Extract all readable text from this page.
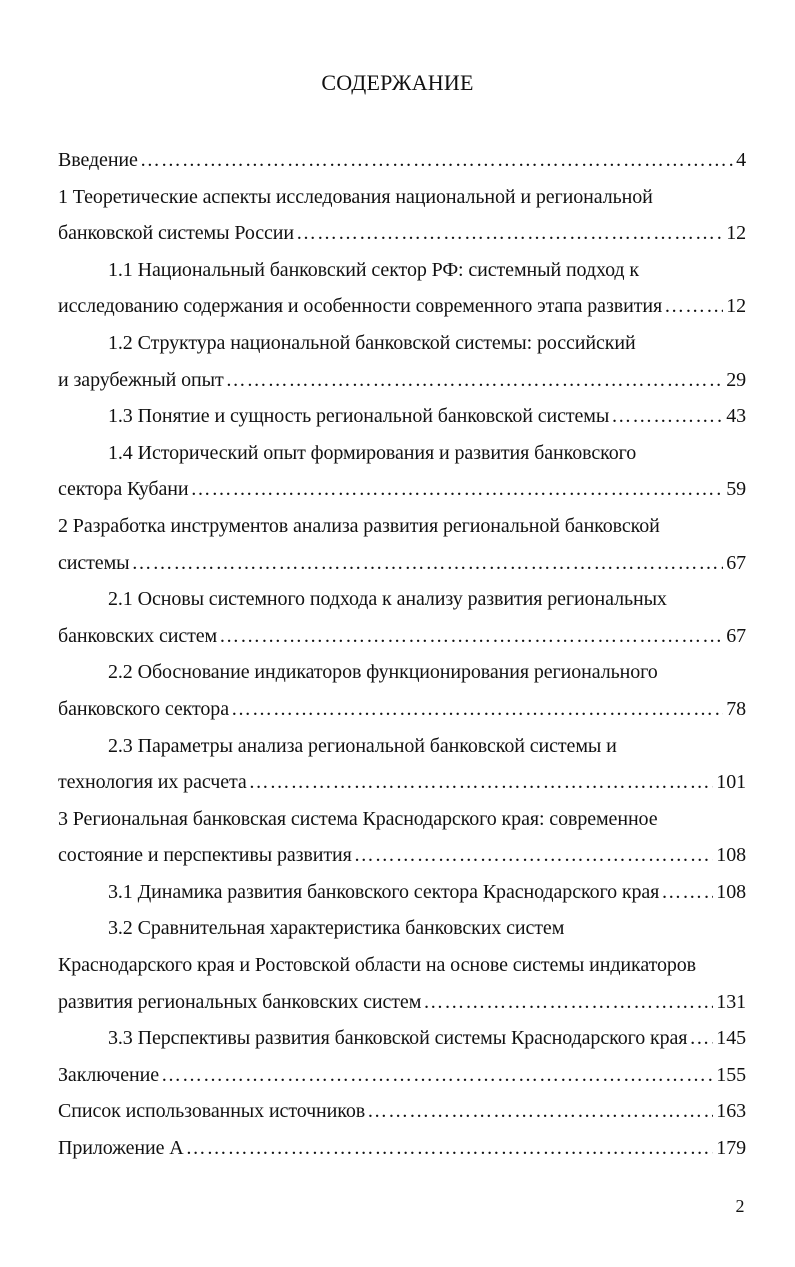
СОДЕРЖАНИЕ
Введение ……………………………………………………………………………………………………………………………………	4
1 Теоретические аспекты исследования национальной и региональной
банковской системы России ……………………………………………………………………………………………………………………………………	12
1.1 Национальный банковский сектор РФ: системный подход к
исследованию содержания и особенности современного этапа развития ……………………………………………………………………………………………………………………………………	12
1.2 Структура национальной банковской системы: российский
и зарубежный опыт ……………………………………………………………………………………………………………………………………	29
1.3 Понятие и сущность региональной банковской системы ……………………………………………………………………………………………………………………………………	43
1.4 Исторический опыт формирования и развития банковского
сектора Кубани ……………………………………………………………………………………………………………………………………	59
2 Разработка инструментов анализа развития региональной банковской
системы ……………………………………………………………………………………………………………………………………	67
2.1 Основы системного подхода к анализу развития региональных
банковских систем ……………………………………………………………………………………………………………………………………	67
2.2 Обоснование индикаторов функционирования регионального
банковского сектора ……………………………………………………………………………………………………………………………………	78
2.3 Параметры анализа региональной банковской системы и
технология их расчета ……………………………………………………………………………………………………………………………………	101
3 Региональная банковская система Краснодарского края: современное
состояние и перспективы развития ……………………………………………………………………………………………………………………………………	108
3.1 Динамика развития банковского сектора Краснодарского края ……………………………………………………………………………………………………………………………………	108
3.2 Сравнительная характеристика банковских систем
Краснодарского края и Ростовской области на основе системы индикаторов
развития региональных банковских систем ……………………………………………………………………………………………………………………………………	131
3.3 Перспективы развития банковской системы Краснодарского края …………………………………………………………………………………………………………………………………… 145
Заключение ……………………………………………………………………………………………………………………………………	155
Список использованных источников ……………………………………………………………………………………………………………………………………	163
Приложение А ……………………………………………………………………………………………………………………………………	179
2
